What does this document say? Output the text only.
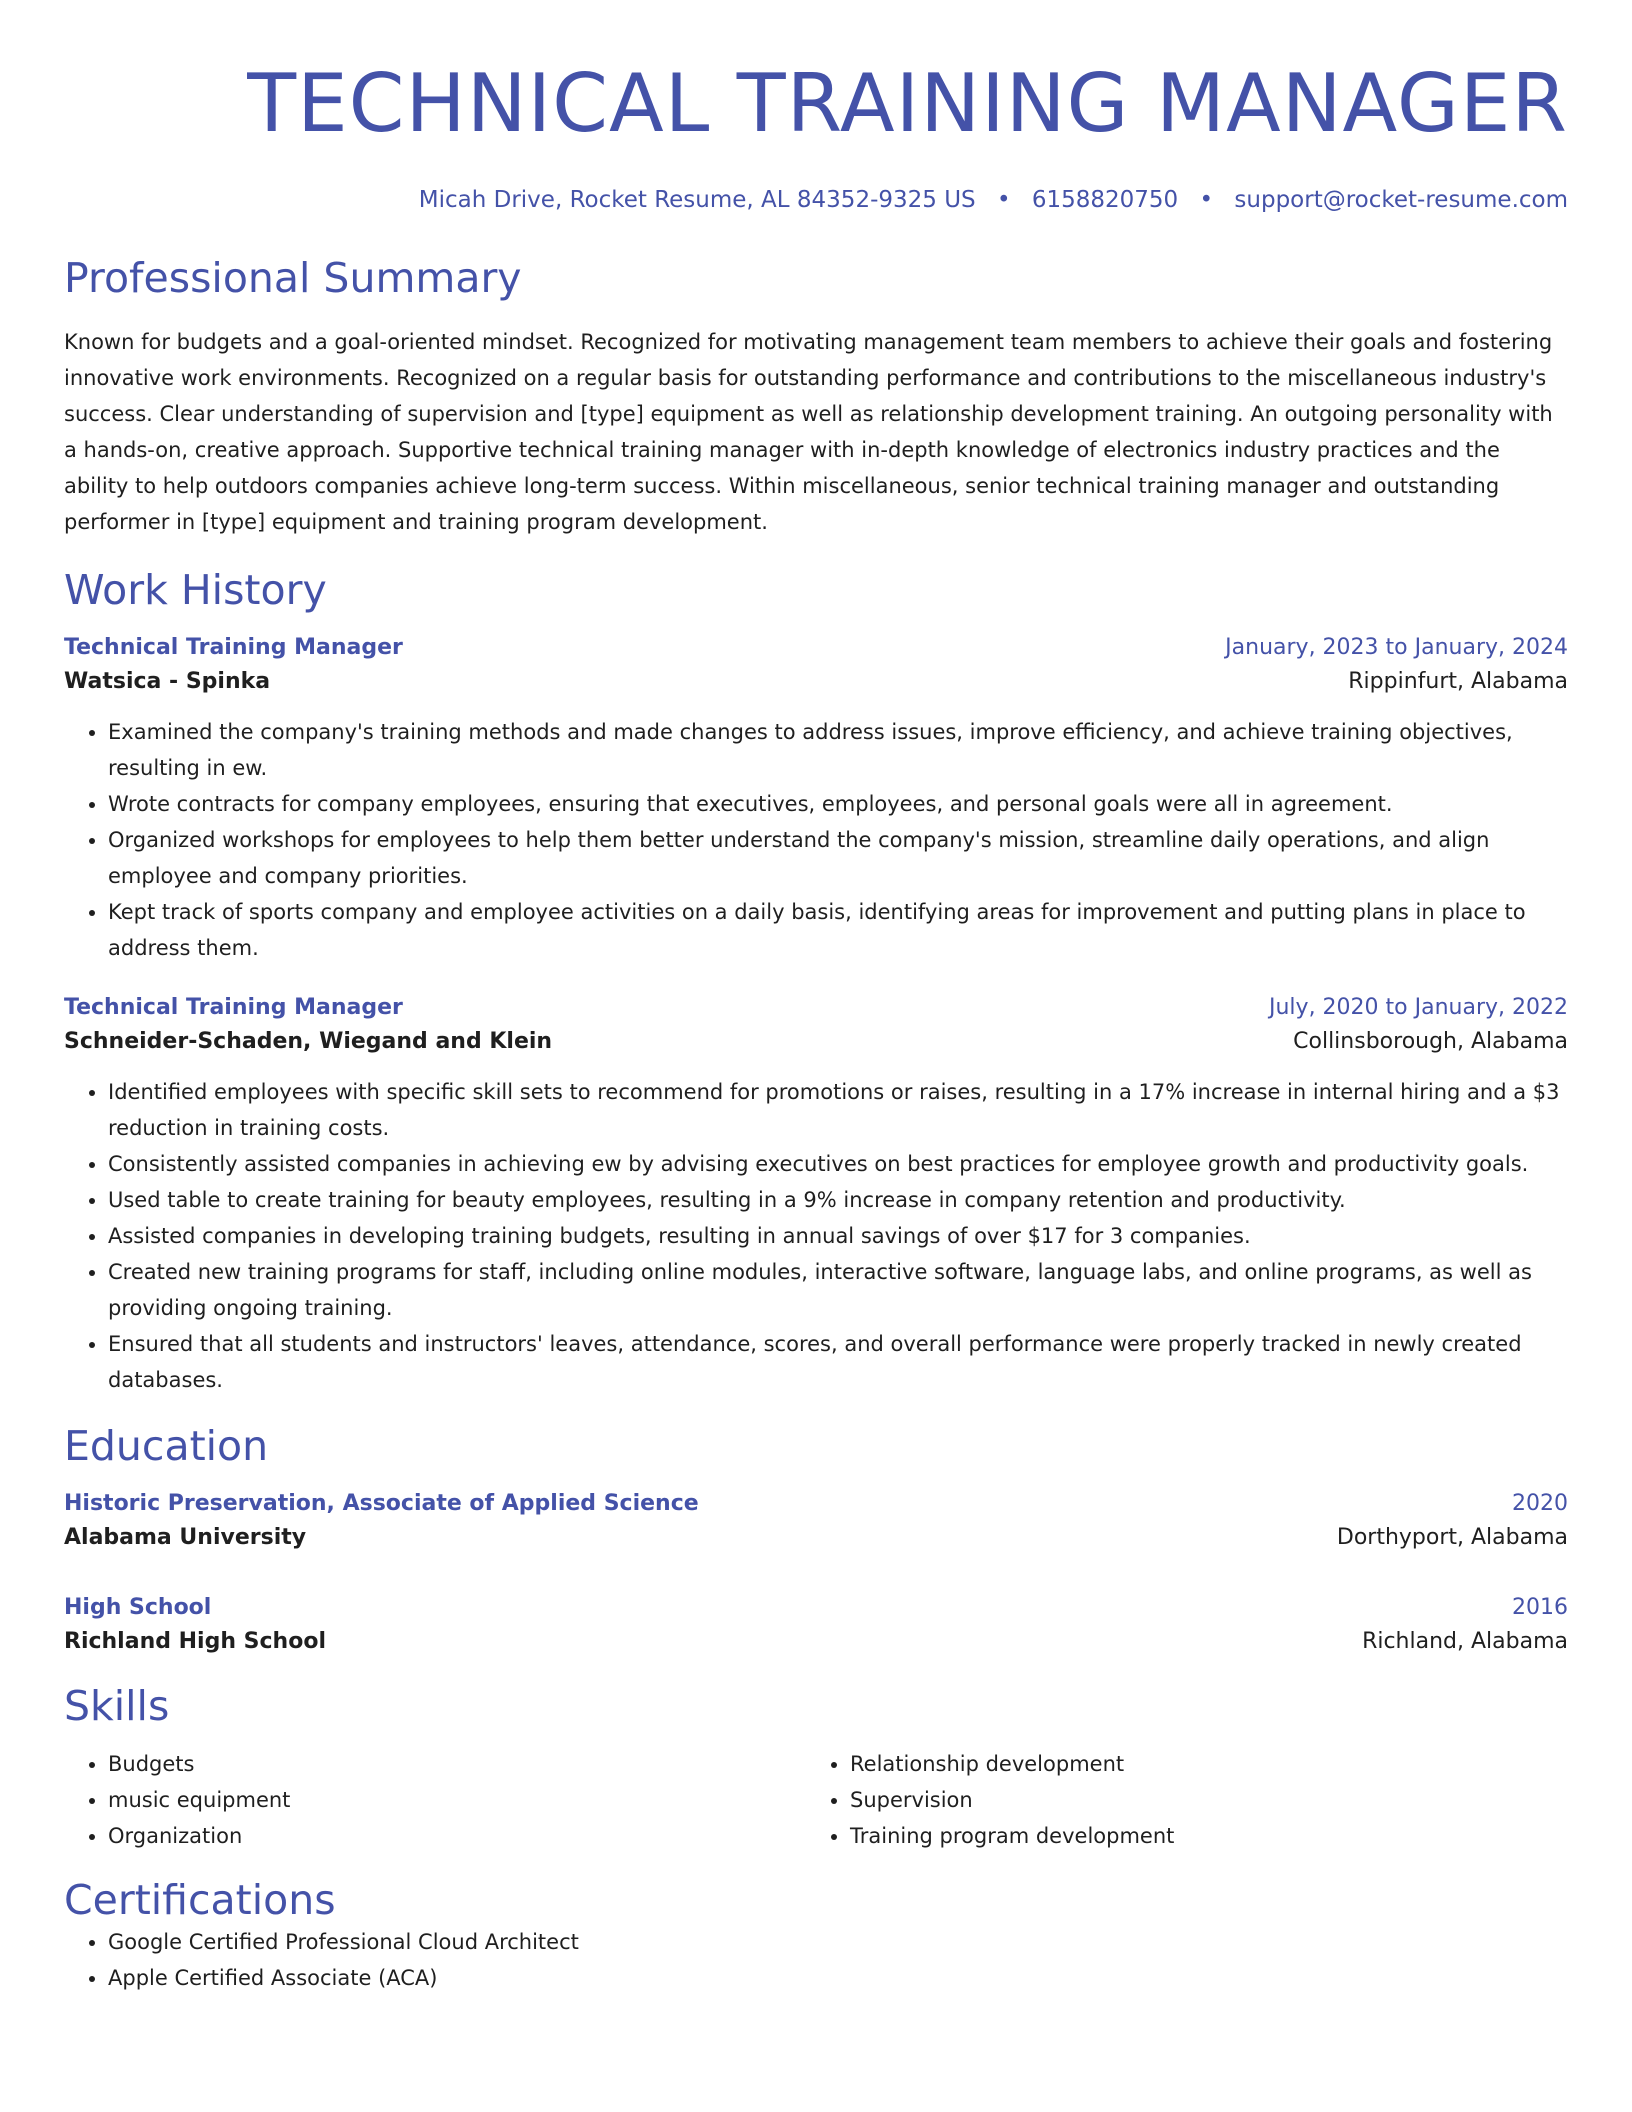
TECHNICAL TRAINING MANAGER
Micah Drive, Rocket Resume, AL 84352-9325 US • 6158820750 • support@rocket-resume.com
Professional Summary
Known for budgets and a goal-oriented mindset. Recognized for motivating management team members to achieve their goals and fostering innovative work environments. Recognized on a regular basis for outstanding performance and contributions to the miscellaneous industry's success. Clear understanding of supervision and [type] equipment as well as relationship development training. An outgoing personality with a hands-on, creative approach. Supportive technical training manager with in-depth knowledge of electronics industry practices and the ability to help outdoors companies achieve long-term success. Within miscellaneous, senior technical training manager and outstanding performer in [type] equipment and training program development.
Work History
Technical Training Manager	January, 2023 to January, 2024
Watsica - Spinka	Rippinfurt, Alabama
• Examined the company's training methods and made changes to address issues, improve efficiency, and achieve training objectives, resulting in ew.
• Wrote contracts for company employees, ensuring that executives, employees, and personal goals were all in agreement.
• Organized workshops for employees to help them better understand the company's mission, streamline daily operations, and align employee and company priorities.
• Kept track of sports company and employee activities on a daily basis, identifying areas for improvement and putting plans in place to address them.
Technical Training Manager	July, 2020 to January, 2022
Schneider-Schaden, Wiegand and Klein	Collinsborough, Alabama
• Identified employees with specific skill sets to recommend for promotions or raises, resulting in a 17% increase in internal hiring and a $3 reduction in training costs.
• Consistently assisted companies in achieving ew by advising executives on best practices for employee growth and productivity goals.
• Used table to create training for beauty employees, resulting in a 9% increase in company retention and productivity.
• Assisted companies in developing training budgets, resulting in annual savings of over $17 for 3 companies.
• Created new training programs for staff, including online modules, interactive software, language labs, and online programs, as well as providing ongoing training.
• Ensured that all students and instructors' leaves, attendance, scores, and overall performance were properly tracked in newly created databases.
Education
Historic Preservation, Associate of Applied Science	2020
Alabama University	Dorthyport, Alabama
High School	2016
Richland High School	Richland, Alabama
Skills
• Budgets
• music equipment
• Organization
• Relationship development
• Supervision
• Training program development
Certifications
• Google Certified Professional Cloud Architect
• Apple Certified Associate (ACA)
